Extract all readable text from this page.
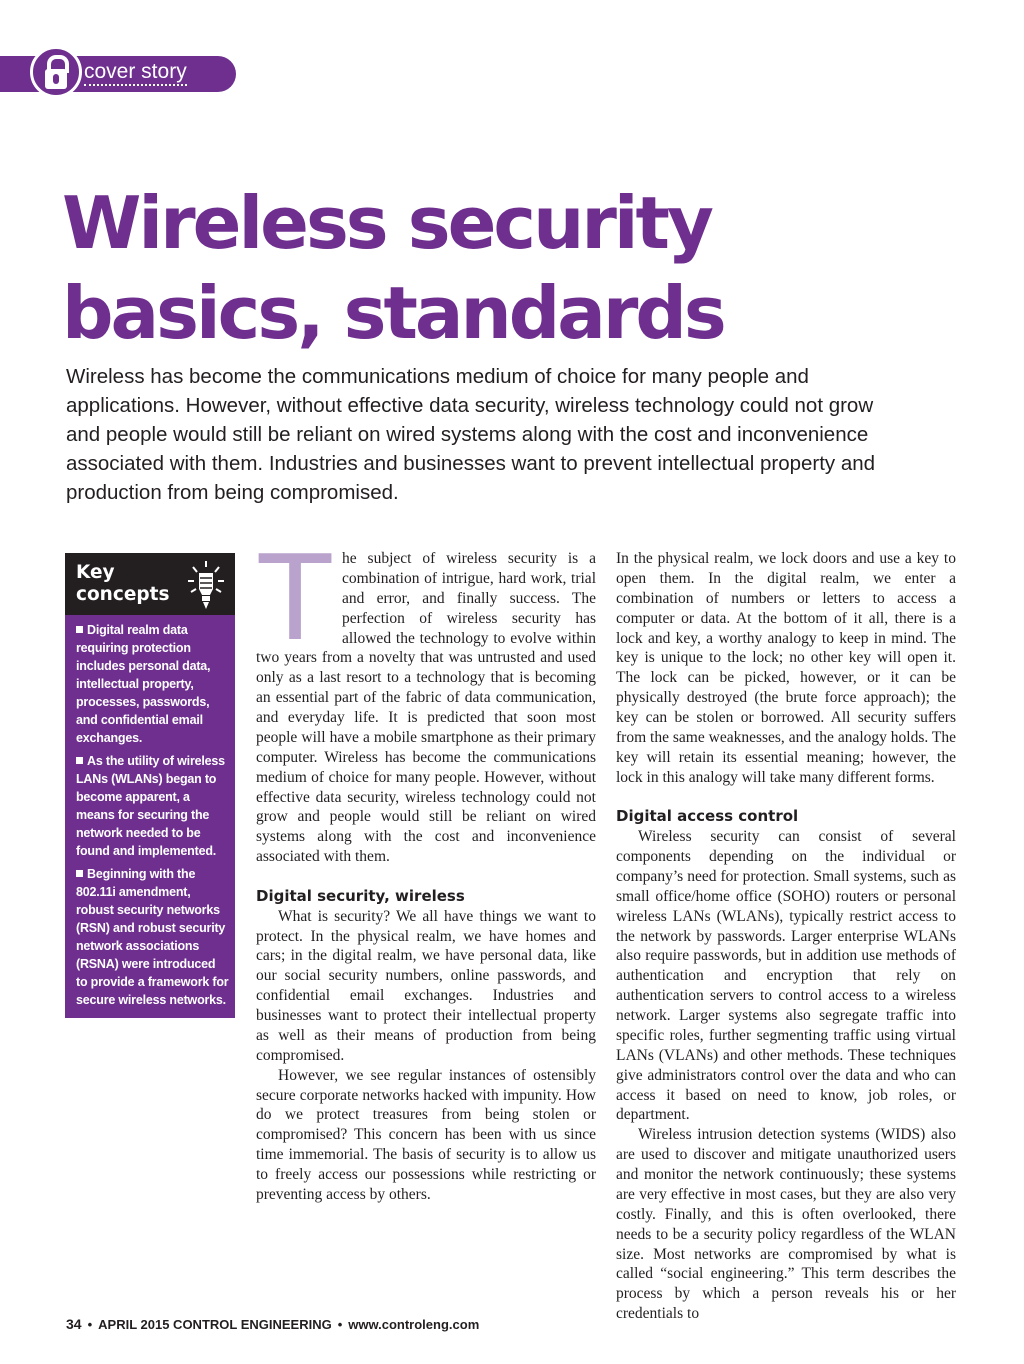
cover story
Wireless security
basics, standards

Wireless has become the communications medium of choice for many people and applications. However, without effective data security, wireless technology could not grow and people would still be reliant on wired systems along with the cost and inconvenience associated with them. Industries and businesses want to prevent intellectual property and production from being compromised.

Key
concepts
Digital realm data requiring protection includes personal data, intellectual property, processes, passwords, and confidential email exchanges.
As the utility of wireless LANs (WLANs) began to become apparent, a means for securing the network needed to be found and implemented.
Beginning with the 802.11i amendment, robust security networks (RSN) and robust security network associations (RSNA) were introduced to provide a framework for secure wireless networks.
T he subject of wireless security is a combination of intrigue, hard work, trial and error, and finally success. The perfection of wireless security has allowed the technology to evolve within two years from a novelty that was untrusted and used only as a last resort to a technology that is becoming an essential part of the fabric of data communication, and everyday life. It is predicted that soon most people will have a mobile smartphone as their primary computer. Wireless has become the communications medium of choice for many people. However, without effective data security, wireless technology could not grow and people would still be reliant on wired systems along with the cost and inconvenience associated with them.

Digital security, wireless

What is security? We all have things we want to protect. In the physical realm, we have homes and cars; in the digital realm, we have personal data, like our social security numbers, online passwords, and confidential email exchanges. Industries and businesses want to protect their intellectual property as well as their means of production from being compromised.

However, we see regular instances of ostensibly secure corporate networks hacked with impunity. How do we protect treasures from being stolen or compromised? This concern has been with us since time immemorial. The basis of security is to allow us to freely access our possessions while restricting or preventing access by others.

In the physical realm, we lock doors and use a key to open them. In the digital realm, we enter a combination of numbers or letters to access a computer or data. At the bottom of it all, there is a lock and key, a worthy analogy to keep in mind. The key is unique to the lock; no other key will open it. The lock can be picked, however, or it can be physically destroyed (the brute force approach); the key can be stolen or borrowed. All security suffers from the same weaknesses, and the analogy holds. The key will retain its essential meaning; however, the lock in this analogy will take many different forms.

Digital access control

Wireless security can consist of several components depending on the individual or company’s need for protection. Small systems, such as small office/home office (SOHO) routers or personal wireless LANs (WLANs), typically restrict access to the network by passwords. Larger enterprise WLANs also require passwords, but in addition use methods of authentication and encryption that rely on authentication servers to control access to a wireless network. Larger systems also segregate traffic into specific roles, further segmenting traffic using virtual LANs (VLANs) and other methods. These techniques give administrators control over the data and who can access it based on need to know, job roles, or department.

Wireless intrusion detection systems (WIDS) also are used to discover and mitigate unauthorized users and monitor the network continuously; these systems are very effective in most cases, but they are also very costly. Finally, and this is often overlooked, there needs to be a security policy regardless of the WLAN size. Most networks are compromised by what is called “social engineering.” This term describes the process by which a person reveals his or her credentials to

34 • APRIL 2015 CONTROL ENGINEERING • www.controleng.com
